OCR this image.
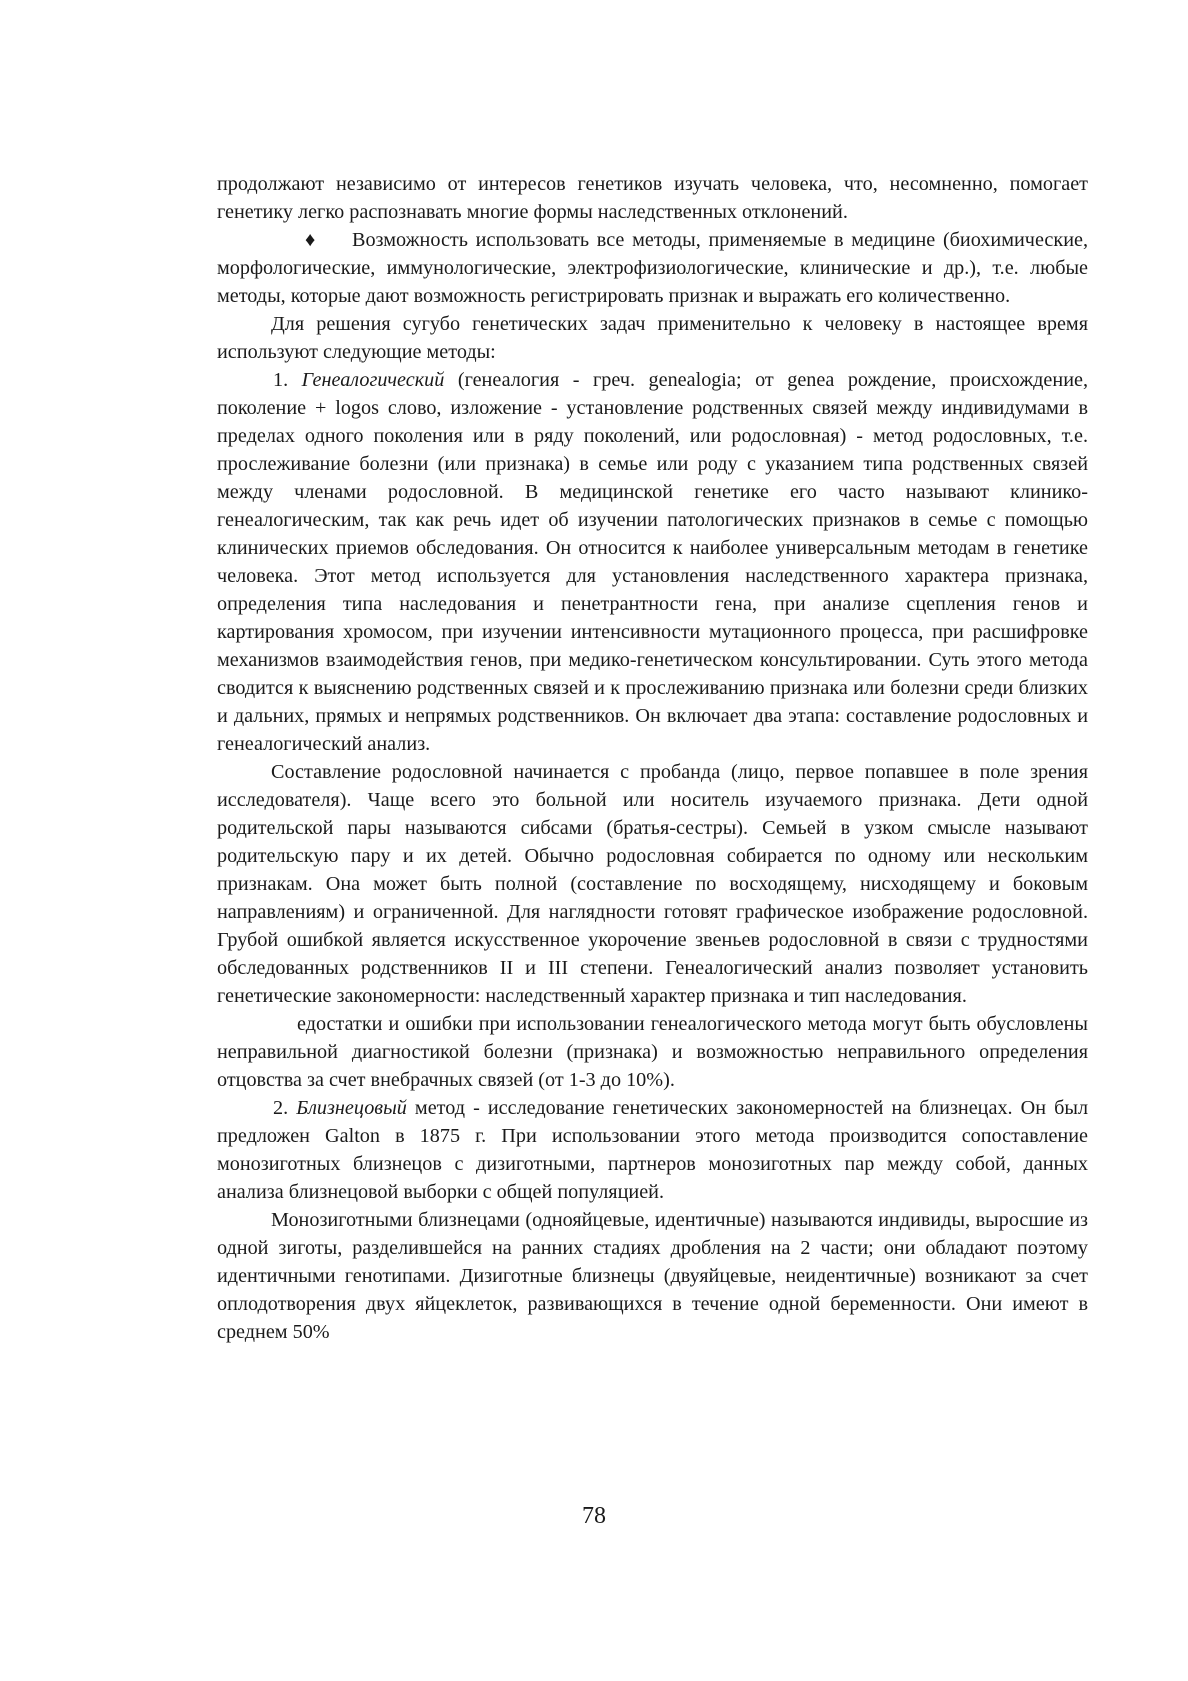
продолжают независимо от интересов генетиков изучать человека, что, несомненно, помогает генетику легко распознавать многие формы наследственных отклонений.

♦ Возможность использовать все методы, применяемые в медицине (биохимические, морфологические, иммунологические, электрофизиологические, клинические и др.), т.е. любые методы, которые дают возможность регистрировать признак и выражать его количественно.

Для решения сугубо генетических задач применительно к человеку в настоящее время используют следующие методы:

1. Генеалогический (генеалогия - греч. genealogia; от genea рождение, происхождение, поколение + logos слово, изложение - установление родственных связей между индивидумами в пределах одного поколения или в ряду поколений, или родословная) - метод родословных, т.е. прослеживание болезни (или признака) в семье или роду с указанием типа родственных связей между членами родословной. В медицинской генетике его часто называют клинико-генеалогическим, так как речь идет об изучении патологических признаков в семье с помощью клинических приемов обследования. Он относится к наиболее универсальным методам в генетике человека. Этот метод используется для установления наследственного характера признака, определения типа наследования и пенетрантности гена, при анализе сцепления генов и картирования хромосом, при изучении интенсивности мутационного процесса, при расшифровке механизмов взаимодействия генов, при медико-генетическом консультировании. Суть этого метода сводится к выяснению родственных связей и к прослеживанию признака или болезни среди близких и дальних, прямых и непрямых родственников. Он включает два этапа: составление родословных и генеалогический анализ.

Составление родословной начинается с пробанда (лицо, первое попавшее в поле зрения исследователя). Чаще всего это больной или носитель изучаемого признака. Дети одной родительской пары называются сибсами (братья-сестры). Семьей в узком смысле называют родительскую пару и их детей. Обычно родословная собирается по одному или нескольким признакам. Она может быть полной (составление по восходящему, нисходящему и боковым направлениям) и ограниченной. Для наглядности готовят графическое изображение родословной. Грубой ошибкой является искусственное укорочение звеньев родословной в связи с трудностями обследованных родственников II и III степени. Генеалогический анализ позволяет установить генетические закономерности: наследственный характер признака и тип наследования.

едостатки и ошибки при использовании генеалогического метода могут быть обусловлены неправильной диагностикой болезни (признака) и возможностью неправильного определения отцовства за счет внебрачных связей (от 1-3 до 10%).

2. Близнецовый метод - исследование генетических закономерностей на близнецах. Он был предложен Galton в 1875 г. При использовании этого метода производится сопоставление монозиготных близнецов с дизиготными, партнеров монозиготных пар между собой, данных анализа близнецовой выборки с общей популяцией.

Монозиготными близнецами (однояйцевые, идентичные) называются индивиды, выросшие из одной зиготы, разделившейся на ранних стадиях дробления на 2 части; они обладают поэтому идентичными генотипами. Дизиготные близнецы (двуяйцевые, неидентичные) возникают за счет оплодотворения двух яйцеклеток, развивающихся в течение одной беременности. Они имеют в среднем 50%

78
